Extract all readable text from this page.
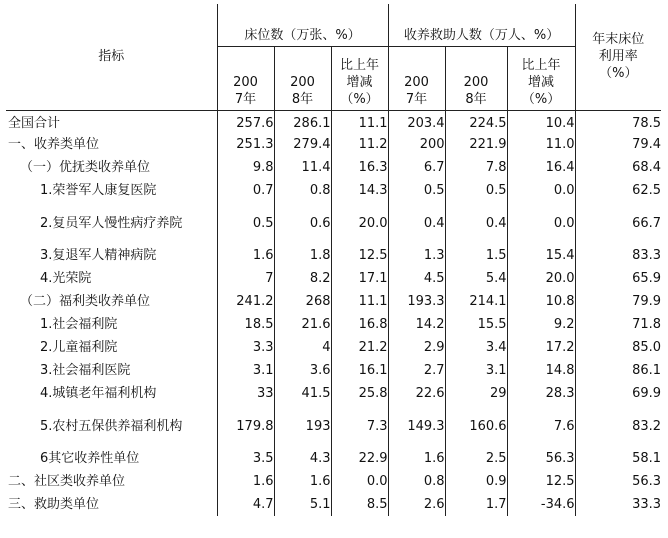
指标	床位数（万张、%）			收养救助人数（万人、%）			年末床位利用率（%）

	2007年	2008年	比上年增减（%）	2007年	2008年	比上年增减（%）	

全国合计	257.6	286.1	11.1	203.4	224.5	10.4	78.5
一、收养类单位	251.3	279.4	11.2	200	221.9	11.0	79.4
（一）优抚类收养单位	9.8	11.4	16.3	6.7	7.8	16.4	68.4
1.荣誉军人康复医院	0.7	0.8	14.3	0.5	0.5	0.0	62.5
2.复员军人慢性病疗养院	0.5	0.6	20.0	0.4	0.4	0.0	66.7
3.复退军人精神病院	1.6	1.8	12.5	1.3	1.5	15.4	83.3
4.光荣院	7	8.2	17.1	4.5	5.4	20.0	65.9
（二）福利类收养单位	241.2	268	11.1	193.3	214.1	10.8	79.9
1.社会福利院	18.5	21.6	16.8	14.2	15.5	9.2	71.8
2.儿童福利院	3.3	4	21.2	2.9	3.4	17.2	85.0
3.社会福利医院	3.1	3.6	16.1	2.7	3.1	14.8	86.1
4.城镇老年福利机构	33	41.5	25.8	22.6	29	28.3	69.9
5.农村五保供养福利机构	179.8	193	7.3	149.3	160.6	7.6	83.2
6其它收养性单位	3.5	4.3	22.9	1.6	2.5	56.3	58.1
二、社区类收养单位	1.6	1.6	0.0	0.8	0.9	12.5	56.3
三、救助类单位	4.7	5.1	8.5	2.6	1.7	-34.6	33.3
